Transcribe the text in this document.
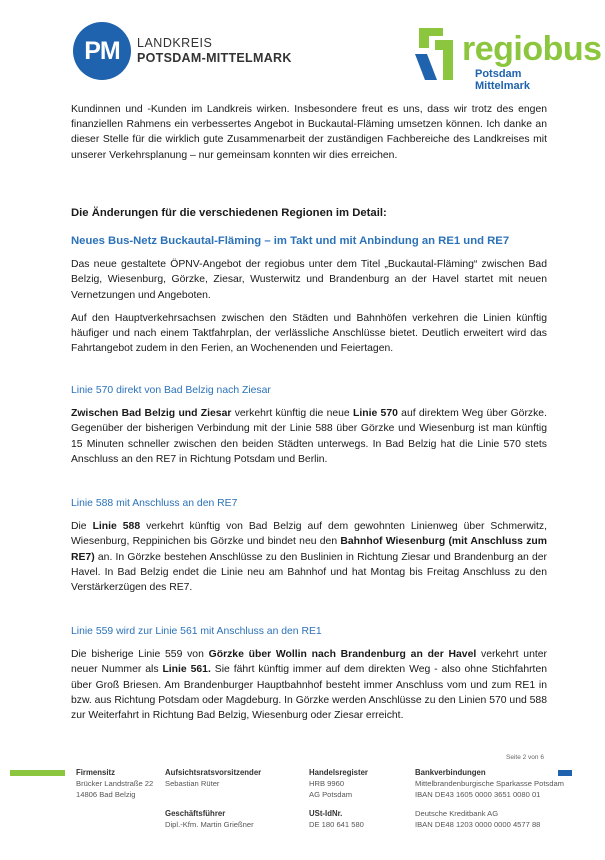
PM	LANDKREIS
POTSDAM-MITTELMARK	regiobus
Potsdam Mittelmark

Kundinnen und -Kunden im Landkreis wirken. Insbesondere freut es uns, dass wir trotz des engen finanziellen Rahmens ein verbessertes Angebot in Buckautal-Fläming umsetzen können. Ich danke an dieser Stelle für die wirklich gute Zusammenarbeit der zuständigen Fachbereiche des Landkreises mit unserer Verkehrsplanung – nur gemeinsam konnten wir dies erreichen.

Die Änderungen für die verschiedenen Regionen im Detail:
Neues Bus-Netz Buckautal-Fläming – im Takt und mit Anbindung an RE1 und RE7

Das neue gestaltete ÖPNV-Angebot der regiobus unter dem Titel „Buckautal-Fläming“ zwischen Bad Belzig, Wiesenburg, Görzke, Ziesar, Wusterwitz und Brandenburg an der Havel startet mit neuen Vernetzungen und Angeboten.

Auf den Hauptverkehrsachsen zwischen den Städten und Bahnhöfen verkehren die Linien künftig häufiger und nach einem Taktfahrplan, der verlässliche Anschlüsse bietet. Deutlich erweitert wird das Fahrtangebot zudem in den Ferien, an Wochenenden und Feiertagen.

Linie 570 direkt von Bad Belzig nach Ziesar

Zwischen Bad Belzig und Ziesar verkehrt künftig die neue Linie 570 auf direktem Weg über Görzke. Gegenüber der bisherigen Verbindung mit der Linie 588 über Görzke und Wiesenburg ist man künftig 15 Minuten schneller zwischen den beiden Städten unterwegs. In Bad Belzig hat die Linie 570 stets Anschluss an den RE7 in Richtung Potsdam und Berlin.

Linie 588 mit Anschluss an den RE7

Die Linie 588 verkehrt künftig von Bad Belzig auf dem gewohnten Linienweg über Schmerwitz, Wiesenburg, Reppinichen bis Görzke und bindet neu den Bahnhof Wiesenburg (mit Anschluss zum RE7) an. In Görzke bestehen Anschlüsse zu den Buslinien in Richtung Ziesar und Brandenburg an der Havel. In Bad Belzig endet die Linie neu am Bahnhof und hat Montag bis Freitag Anschluss zu den Verstärkerzügen des RE7.

Linie 559 wird zur Linie 561 mit Anschluss an den RE1

Die bisherige Linie 559 von Görzke über Wollin nach Brandenburg an der Havel verkehrt unter neuer Nummer als Linie 561. Sie fährt künftig immer auf dem direkten Weg - also ohne Stichfahrten über Groß Briesen. Am Brandenburger Hauptbahnhof besteht immer Anschluss vom und zum RE1 in bzw. aus Richtung Potsdam oder Magdeburg. In Görzke werden Anschlüsse zu den Linien 570 und 588 zur Weiterfahrt in Richtung Bad Belzig, Wiesenburg oder Ziesar erreicht.

Seite 2 von 6
Firmensitz
Brücker Landstraße 22
14806 Bad Belzig
Aufsichtsratsvorsitzender
Sebastian Rüter
Geschäftsführer
Dipl.-Kfm. Martin Grießner
Handelsregister
HRB 9960
AG Potsdam
USt-IdNr.
DE 180 641 580
Bankverbindungen
Mittelbrandenburgische Sparkasse Potsdam
IBAN DE43 1605 0000 3651 0080 01
Deutsche Kreditbank AG
IBAN DE48 1203 0000 0000 4577 88
